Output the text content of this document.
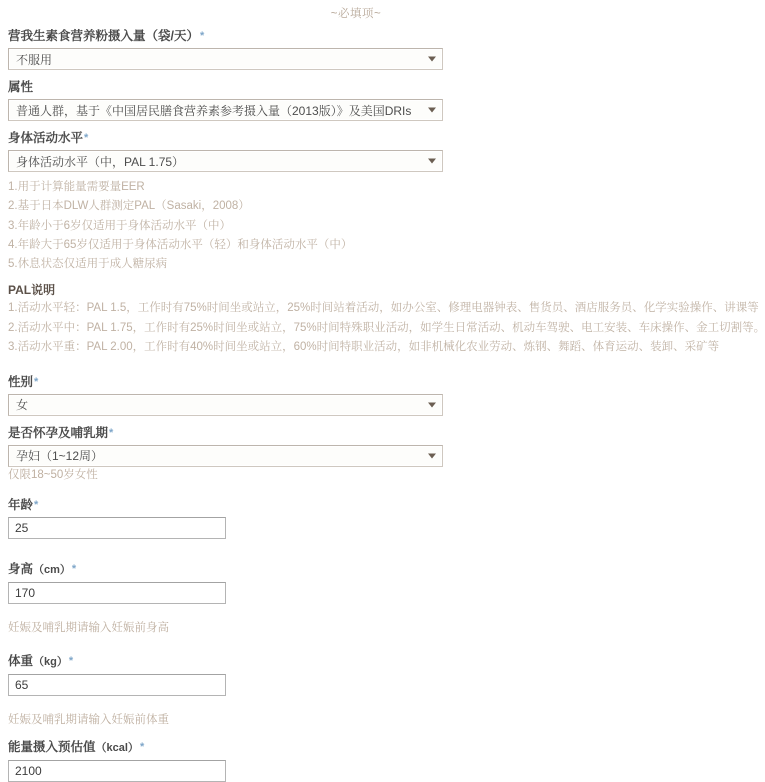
~必填项~
营我生素食营养粉摄入量（袋/天）*
不服用
属性
普通人群，基于《中国居民膳食营养素参考摄入量（2013版）》及美国DRIs
身体活动水平*
身体活动水平（中，PAL 1.75）
1.用于计算能量需要量EER
2.基于日本DLW人群测定PAL（Sasaki，2008）
3.年龄小于6岁仅适用于身体活动水平（中）
4.年龄大于65岁仅适用于身体活动水平（轻）和身体活动水平（中）
5.休息状态仅适用于成人糖尿病
PAL说明
1.活动水平轻：PAL 1.5，工作时有75%时间坐或站立，25%时间站着活动，如办公室、修理电器钟表、售货员、酒店服务员、化学实验操作、讲课等
2.活动水平中：PAL 1.75，工作时有25%时间坐或站立，75%时间特殊职业活动，如学生日常活动、机动车驾驶、电工安装、车床操作、金工切割等。
3.活动水平重：PAL 2.00，工作时有40%时间坐或站立，60%时间特职业活动，如非机械化农业劳动、炼钢、舞蹈、体育运动、装卸、采矿等
性别*
女
是否怀孕及哺乳期*
孕妇（1~12周）
仅限18~50岁女性
年龄*
25
身高（cm）*
170
妊娠及哺乳期请输入妊娠前身高
体重（kg）*
65
妊娠及哺乳期请输入妊娠前体重
能量摄入预估值（kcal）*
2100
